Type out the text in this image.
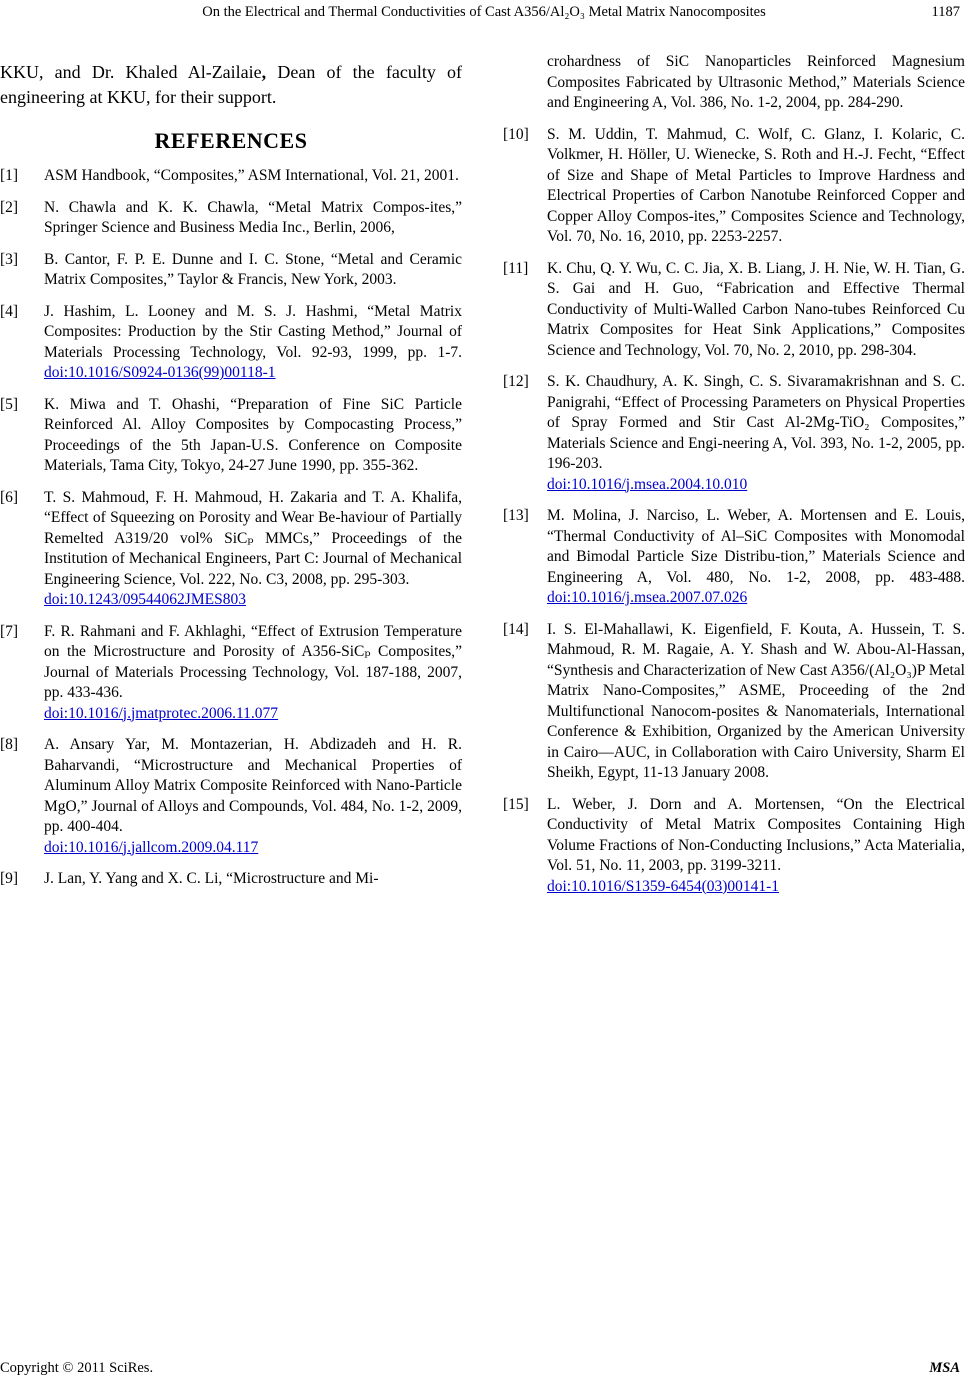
On the Electrical and Thermal Conductivities of Cast A356/Al₂O₃ Metal Matrix Nanocomposites	1187

KKU, and Dr. Khaled Al-Zailaie, Dean of the faculty of engineering at KKU, for their support.

REFERENCES
[1] ASM Handbook, “Composites,” ASM International, Vol. 21, 2001.
[2] N. Chawla and K. K. Chawla, “Metal Matrix Compos-ites,” Springer Science and Business Media Inc., Berlin, 2006,
[3] B. Cantor, F. P. E. Dunne and I. C. Stone, “Metal and Ceramic Matrix Composites,” Taylor & Francis, New York, 2003.
[4] J. Hashim, L. Looney and M. S. J. Hashmi, “Metal Matrix Composites: Production by the Stir Casting Method,” Journal of Materials Processing Technology, Vol. 92-93, 1999, pp. 1-7. doi:10.1016/S0924-0136(99)00118-1
[5] K. Miwa and T. Ohashi, “Preparation of Fine SiC Particle Reinforced Al. Alloy Composites by Compocasting Process,” Proceedings of the 5th Japan-U.S. Conference on Composite Materials, Tama City, Tokyo, 24-27 June 1990, pp. 355-362.
[6] T. S. Mahmoud, F. H. Mahmoud, H. Zakaria and T. A. Khalifa, “Effect of Squeezing on Porosity and Wear Be-haviour of Partially Remelted A319/20 vol% SiCₚ MMCs,” Proceedings of the Institution of Mechanical Engineers, Part C: Journal of Mechanical Engineering Science, Vol. 222, No. C3, 2008, pp. 295-303.
doi:10.1243/09544062JMES803
[7] F. R. Rahmani and F. Akhlaghi, “Effect of Extrusion Temperature on the Microstructure and Porosity of A356-SiCₚ Composites,” Journal of Materials Processing Technology, Vol. 187-188, 2007, pp. 433-436.
doi:10.1016/j.jmatprotec.2006.11.077
[8] A. Ansary Yar, M. Montazerian, H. Abdizadeh and H. R. Baharvandi, “Microstructure and Mechanical Properties of Aluminum Alloy Matrix Composite Reinforced with Nano-Particle MgO,” Journal of Alloys and Compounds, Vol. 484, No. 1-2, 2009, pp. 400-404.
doi:10.1016/j.jallcom.2009.04.117
[9] J. Lan, Y. Yang and X. C. Li, “Microstructure and Mi-
crohardness of SiC Nanoparticles Reinforced Magnesium Composites Fabricated by Ultrasonic Method,” Materials Science and Engineering A, Vol. 386, No. 1-2, 2004, pp. 284-290.
[10] S. M. Uddin, T. Mahmud, C. Wolf, C. Glanz, I. Kolaric, C. Volkmer, H. Höller, U. Wienecke, S. Roth and H.-J. Fecht, “Effect of Size and Shape of Metal Particles to Improve Hardness and Electrical Properties of Carbon Nanotube Reinforced Copper and Copper Alloy Compos-ites,” Composites Science and Technology, Vol. 70, No. 16, 2010, pp. 2253-2257.
[11] K. Chu, Q. Y. Wu, C. C. Jia, X. B. Liang, J. H. Nie, W. H. Tian, G. S. Gai and H. Guo, “Fabrication and Effective Thermal Conductivity of Multi-Walled Carbon Nano-tubes Reinforced Cu Matrix Composites for Heat Sink Applications,” Composites Science and Technology, Vol. 70, No. 2, 2010, pp. 298-304.
[12] S. K. Chaudhury, A. K. Singh, C. S. Sivaramakrishnan and S. C. Panigrahi, “Effect of Processing Parameters on Physical Properties of Spray Formed and Stir Cast Al-2Mg-TiO₂ Composites,” Materials Science and Engi-neering A, Vol. 393, No. 1-2, 2005, pp. 196-203.
doi:10.1016/j.msea.2004.10.010
[13] M. Molina, J. Narciso, L. Weber, A. Mortensen and E. Louis, “Thermal Conductivity of Al–SiC Composites with Monomodal and Bimodal Particle Size Distribu-tion,” Materials Science and Engineering A, Vol. 480, No. 1-2, 2008, pp. 483-488. doi:10.1016/j.msea.2007.07.026
[14] I. S. El-Mahallawi, K. Eigenfield, F. Kouta, A. Hussein, T. S. Mahmoud, R. M. Ragaie, A. Y. Shash and W. Abou-Al-Hassan, “Synthesis and Characterization of New Cast A356/(Al₂O₃)P Metal Matrix Nano-Composites,” ASME, Proceeding of the 2nd Multifunctional Nanocom-posites & Nanomaterials, International Conference & Exhibition, Organized by the American University in Cairo—AUC, in Collaboration with Cairo University, Sharm El Sheikh, Egypt, 11-13 January 2008.
[15] L. Weber, J. Dorn and A. Mortensen, “On the Electrical Conductivity of Metal Matrix Composites Containing High Volume Fractions of Non-Conducting Inclusions,” Acta Materialia, Vol. 51, No. 11, 2003, pp. 3199-3211.
doi:10.1016/S1359-6454(03)00141-1
Copyright © 2011 SciRes.	MSA
